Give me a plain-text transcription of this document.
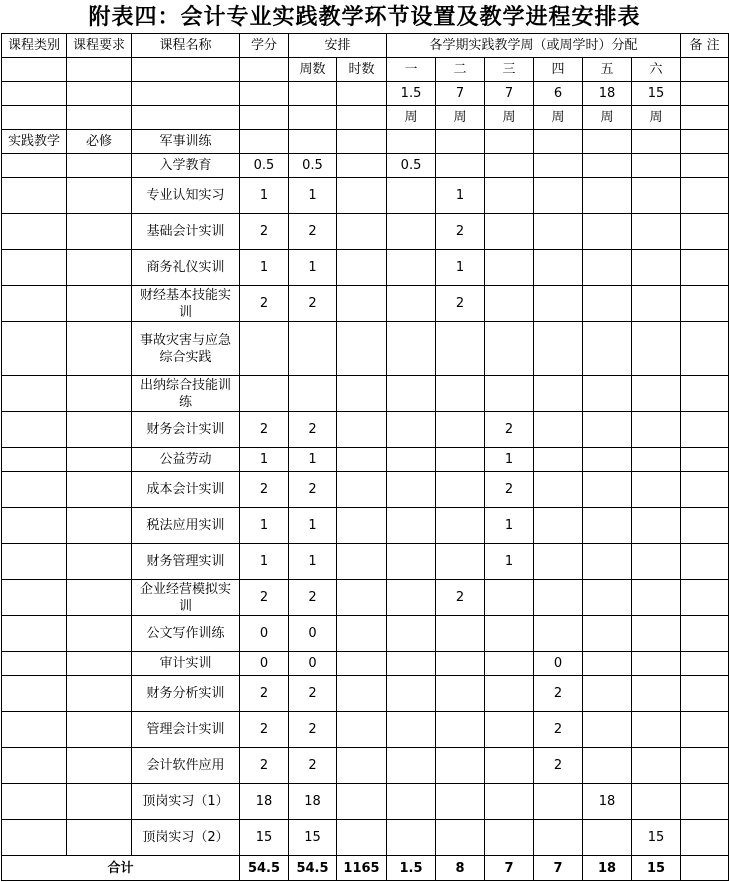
附表四：会计专业实践教学环节设置及教学进程安排表
课程类别	课程要求	课程名称	学分	安排		各学期实践教学周（或周学时）分配						备 注
				周数	时数	一	二	三	四	五	六	
						1.5	7	7	6	18	15	
						周	周	周	周	周	周	
实践教学	必修	军事训练										
		入学教育	0.5	0.5		0.5						
		专业认知实习	1	1			1					
		基础会计实训	2	2			2					
		商务礼仪实训	1	1			1					
		财经基本技能实训	2	2			2					
		事故灾害与应急综合实践										
		出纳综合技能训练										
		财务会计实训	2	2				2				
		公益劳动	1	1				1				
		成本会计实训	2	2				2				
		税法应用实训	1	1				1				
		财务管理实训	1	1				1				
		企业经营模拟实训	2	2			2					
		公文写作训练	0	0								
		审计实训	0	0					0			
		财务分析实训	2	2					2			
		管理会计实训	2	2					2			
		会计软件应用	2	2					2			
		顶岗实习（1）	18	18						18		
		顶岗实习（2）	15	15							15	
合计			54.5	54.5	1165	1.5	8	7	7	18	15	
